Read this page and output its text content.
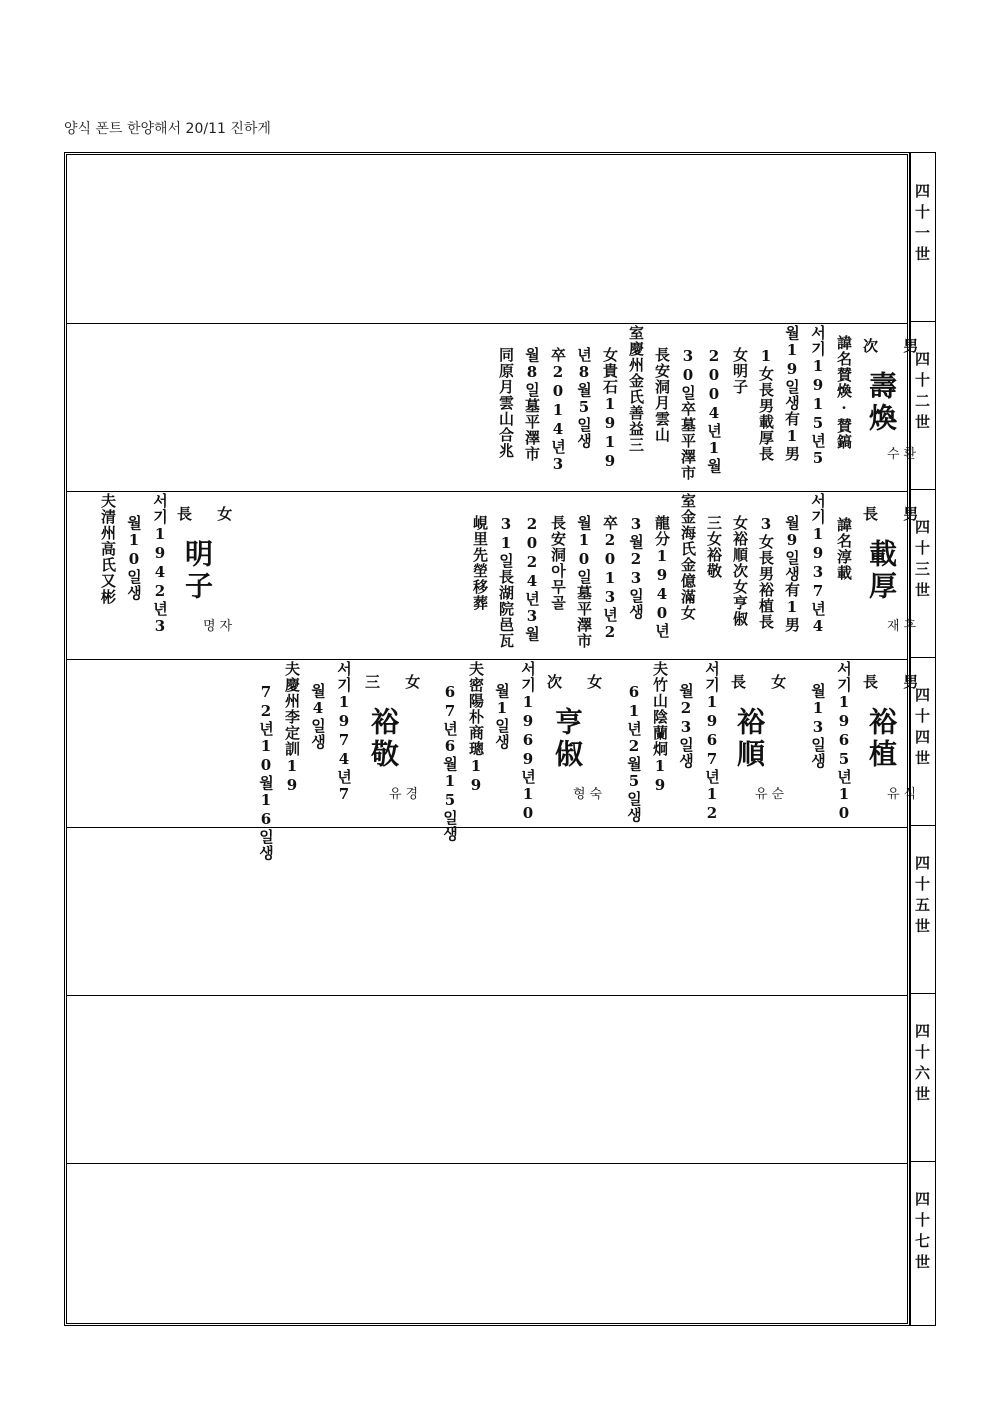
양식 폰트 한양해서 20/11 진하게
次 男
壽煥
수환
諱名賛煥·賛鎬
서기1915년5
월19일생有1男
1女長男載厚長
女明子
2004년1월
30일卒墓平澤市
長安洞月雲山
室慶州金氏善益三
女貴石1919
년8월5일생
卒2014년3
월8일墓平澤市
同原月雲山合兆
長 男
載厚
재후
諱名淳載
서기1937년4
월9일생有1男
3女長男裕植長
女裕順次女亨俶
三女裕敬
室金海氏金億滿女
龍分1940년
3월23일생
卒2013년2
월10일墓平澤市
長安洞아무골
2024년3월
31일長湖院邑瓦
峴里先塋移葬
長 女
明子
명자
서기1942년3
월10일생
夫清州高氏又彬
長 男
裕植
유식
서기1965년10
월13일생
長 女
裕順
유순
서기1967년12
월23일생
夫竹山陰蘭炯19
61년2월5일생
次 女
亨俶
형숙
서기1969년10
월1일생
夫密陽朴商璁19
67년6월15일생
三 女
裕敬
유경
서기1974년7
월4일생
夫慶州李定訓19
72년10월16일생
四十一世
四十二世
四十三世
四十四世
四十五世
四十六世
四十七世
